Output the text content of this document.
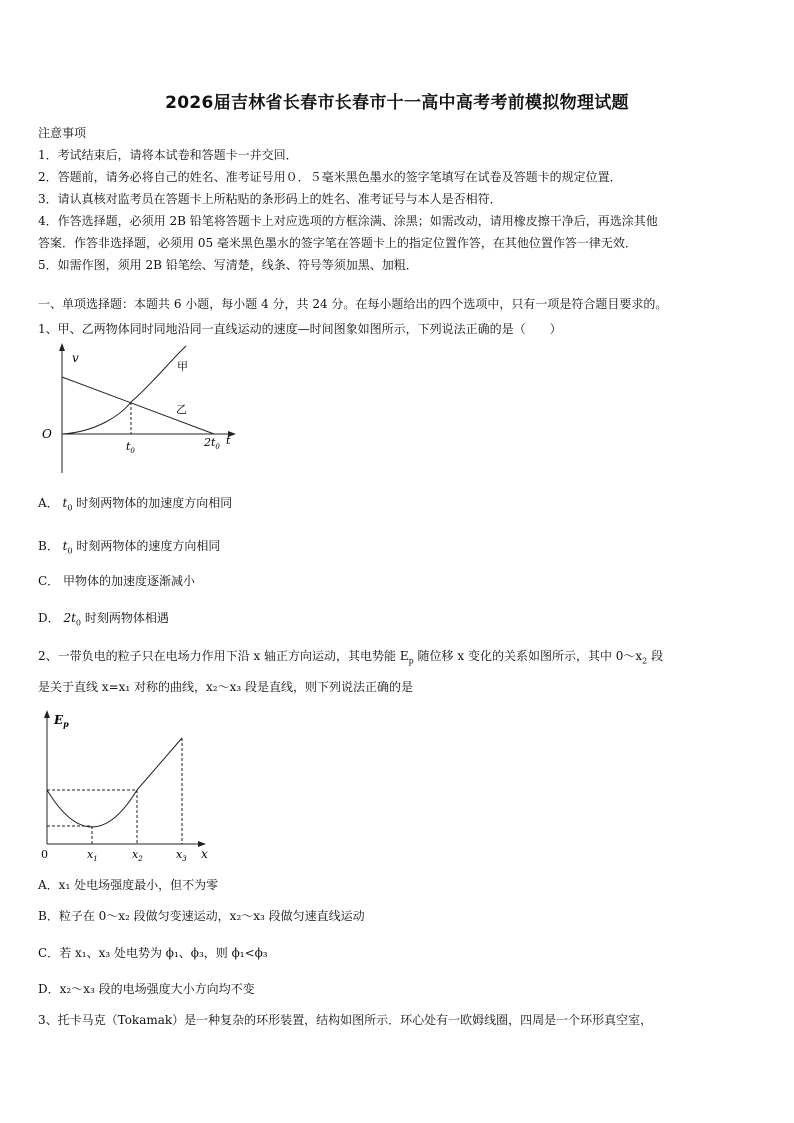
2026届吉林省长春市长春市十一高中高考考前模拟物理试题
注意事项
1．考试结束后，请将本试卷和答题卡一并交回．
2．答题前，请务必将自己的姓名、准考证号用０．５毫米黑色墨水的签字笔填写在试卷及答题卡的规定位置．
3．请认真核对监考员在答题卡上所粘贴的条形码上的姓名、准考证号与本人是否相符．
4．作答选择题，必须用 2B 铅笔将答题卡上对应选项的方框涂满、涂黑；如需改动，请用橡皮擦干净后，再选涂其他
答案．作答非选择题，必须用 05 毫米黑色墨水的签字笔在答题卡上的指定位置作答，在其他位置作答一律无效．
5．如需作图，须用 2B 铅笔绘、写清楚，线条、符号等须加黑、加粗．
一、单项选择题：本题共 6 小题，每小题 4 分，共 24 分。在每小题给出的四个选项中，只有一项是符合题目要求的。
1、甲、乙两物体同时同地沿同一直线运动的速度—时间图象如图所示，下列说法正确的是（　　）
v
O
甲
乙
$t_0$
$2t_0$ t
A． $t_0$ 时刻两物体的加速度方向相同
B． $t_0$ 时刻两物体的速度方向相同
C． 甲物体的加速度逐渐减小
D． $2t_0$ 时刻两物体相遇
2、一带负电的粒子只在电场力作用下沿 x 轴正方向运动，其电势能 $E_p$ 随位移 x 变化的关系如图所示，其中 $0\sim x_2$ 段
是关于直线 x=x₁ 对称的曲线，x₂～x₃ 段是直线，则下列说法正确的是
$E_p$
0	$x_1$	$x_2$	$x_3$ x
A．x₁ 处电场强度最小，但不为零
B．粒子在 0～x₂ 段做匀变速运动，x₂～x₃ 段做匀速直线运动
C．若 x₁、x₃ 处电势为 ϕ₁、ϕ₃，则 ϕ₁<ϕ₃
D．x₂～x₃ 段的电场强度大小方向均不变
3、托卡马克（Tokamak）是一种复杂的环形装置，结构如图所示．环心处有一欧姆线圈，四周是一个环形真空室，
